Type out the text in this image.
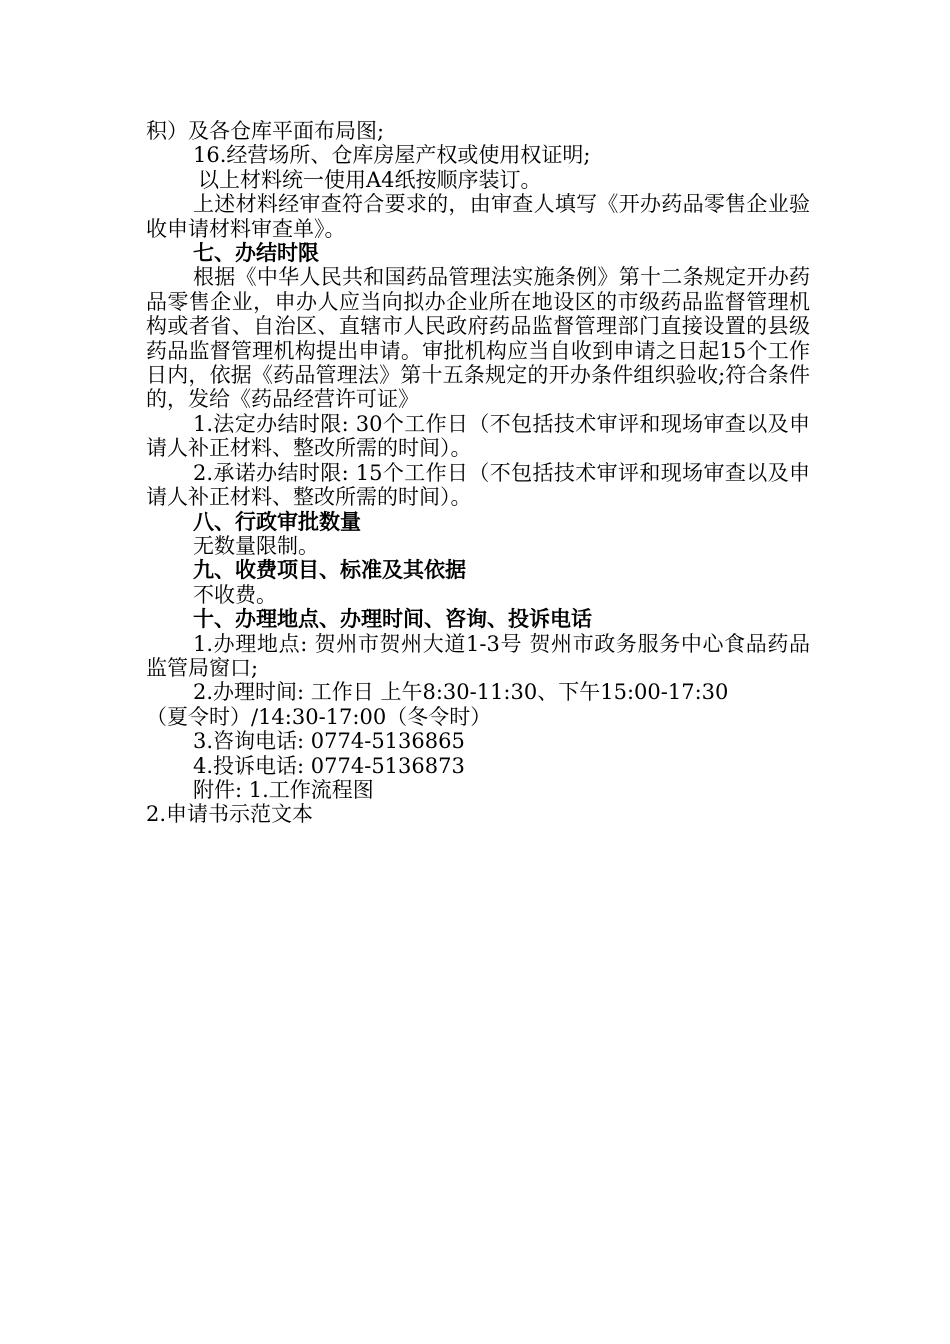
积）及各仓库平面布局图;

16.经营场所、仓库房屋产权或使用权证明;

以上材料统一使用A4纸按顺序装订。

上述材料经审查符合要求的，由审查人填写《开办药品零售企业验收申请材料审查单》。

七、办结时限

根据《中华人民共和国药品管理法实施条例》第十二条规定开办药品零售企业，申办人应当向拟办企业所在地设区的市级药品监督管理机构或者省、自治区、直辖市人民政府药品监督管理部门直接设置的县级药品监督管理机构提出申请。审批机构应当自收到申请之日起15个工作日内，依据《药品管理法》第十五条规定的开办条件组织验收;符合条件的，发给《药品经营许可证》

1.法定办结时限: 30个工作日（不包括技术审评和现场审查以及申请人补正材料、整改所需的时间）。

2.承诺办结时限: 15个工作日（不包括技术审评和现场审查以及申请人补正材料、整改所需的时间）。

八、行政审批数量

无数量限制。

九、收费项目、标准及其依据

不收费。

十、办理地点、办理时间、咨询、投诉电话

1.办理地点: 贺州市贺州大道1-3号 贺州市政务服务中心食品药品监管局窗口;

2.办理时间: 工作日 上午8:30-11:30、下午15:00-17:30

（夏令时）/14:30-17:00（冬令时）

3.咨询电话: 0774-5136865

4.投诉电话: 0774-5136873

附件: 1.工作流程图

2.申请书示范文本
